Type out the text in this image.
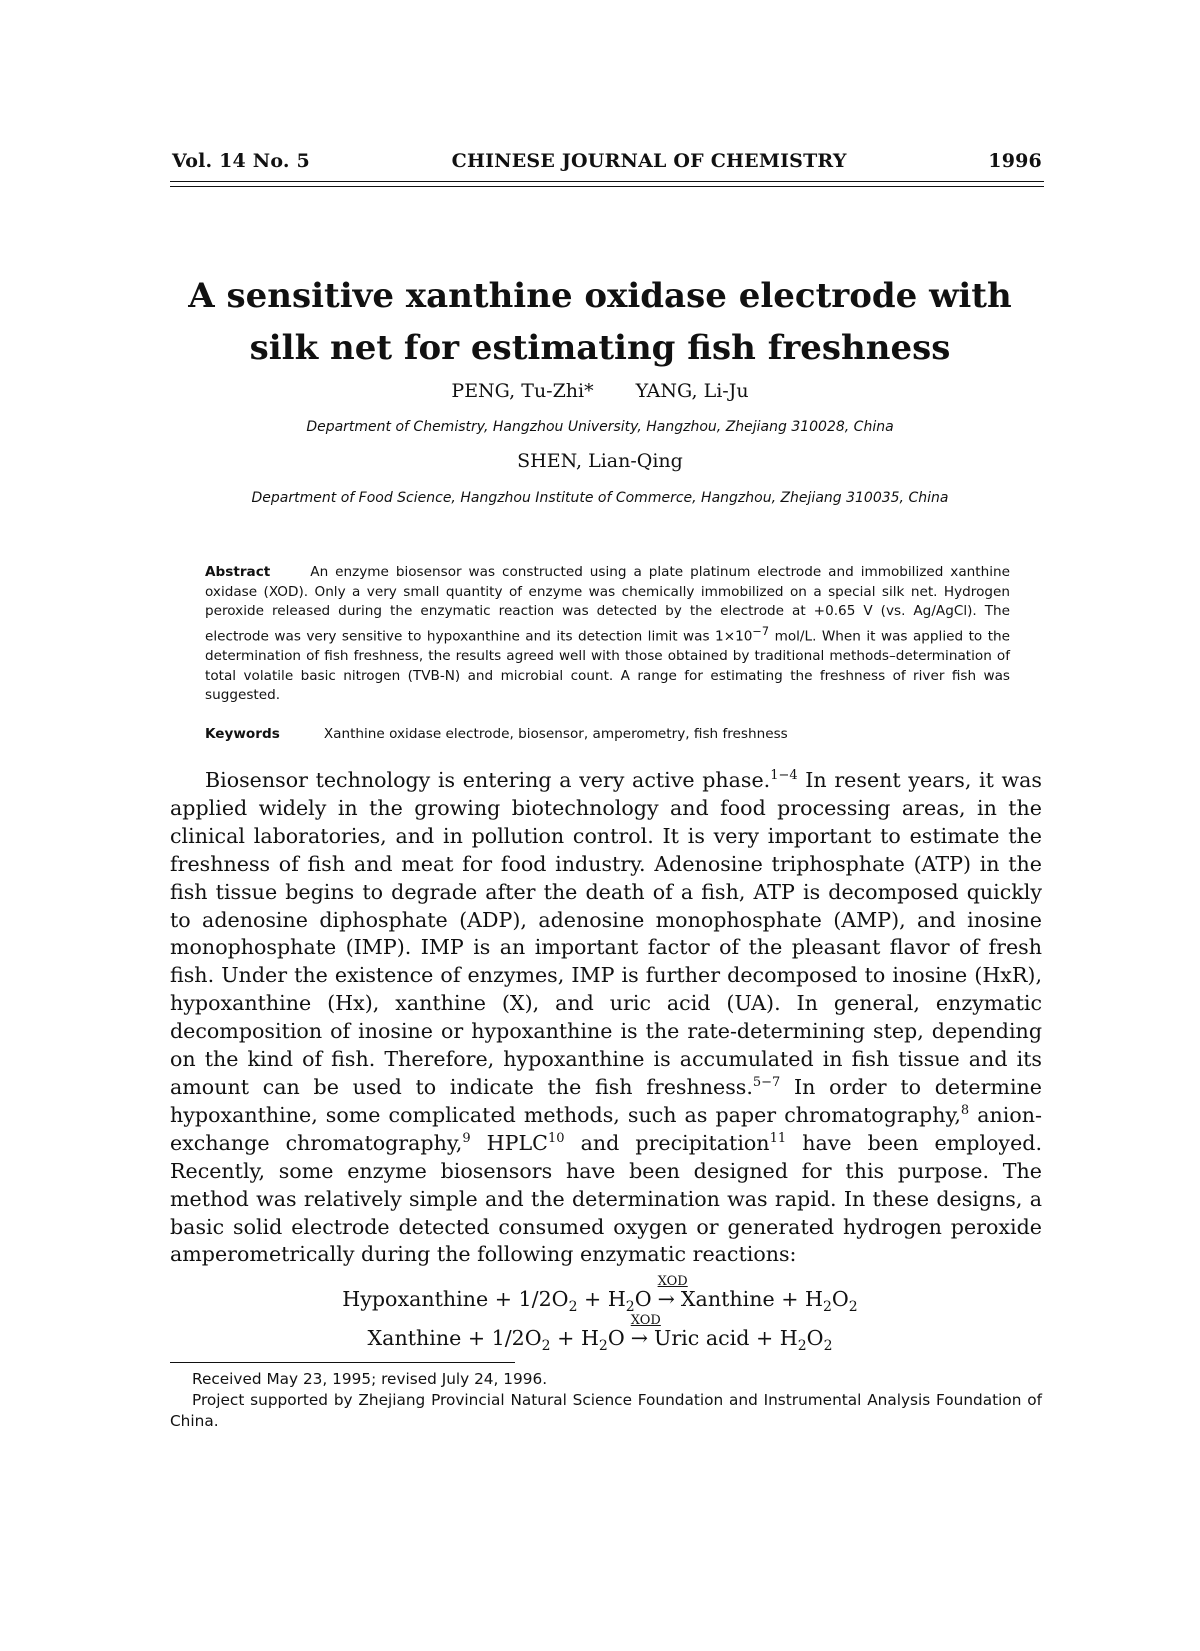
Vol. 14 No. 5	CHINESE JOURNAL OF CHEMISTRY	1996
A sensitive xanthine oxidase electrode with silk net for estimating fish freshness
PENG, Tu-Zhi* YANG, Li-Ju
Department of Chemistry, Hangzhou University, Hangzhou, Zhejiang 310028, China
SHEN, Lian-Qing
Department of Food Science, Hangzhou Institute of Commerce, Hangzhou, Zhejiang 310035, China

Abstract	An enzyme biosensor was constructed using a plate platinum electrode and immobilized xanthine oxidase (XOD). Only a very small quantity of enzyme was chemically immobilized on a special silk net. Hydrogen peroxide released during the enzymatic reaction was detected by the electrode at +0.65 V (vs. Ag/AgCl). The electrode was very sensitive to hypoxanthine and its detection limit was $1\times 10^{-7}$ mol/L. When it was applied to the determination of fish freshness, the results agreed well with those obtained by traditional methods–determination of total volatile basic nitrogen (TVB-N) and microbial count. A range for estimating the freshness of river fish was suggested.

Keywords	Xanthine oxidase electrode, biosensor, amperometry, fish freshness

Biosensor technology is entering a very active phase.$^{1-4}$ In resent years, it was applied widely in the growing biotechnology and food processing areas, in the clinical laboratories, and in pollution control. It is very important to estimate the freshness of fish and meat for food industry. Adenosine triphosphate (ATP) in the fish tissue begins to degrade after the death of a fish, ATP is decomposed quickly to adenosine diphosphate (ADP), adenosine monophosphate (AMP), and inosine monophosphate (IMP). IMP is an important factor of the pleasant flavor of fresh fish. Under the existence of enzymes, IMP is further decomposed to inosine (HxR), hypoxanthine (Hx), xanthine (X), and uric acid (UA). In general, enzymatic decomposition of inosine or hypoxanthine is the rate-determining step, depending on the kind of fish. Therefore, hypoxanthine is accumulated in fish tissue and its amount can be used to indicate the fish freshness.$^{5-7}$ In order to determine hypoxanthine, some complicated methods, such as paper chromatography,$^8$ anion-exchange chromatography,$^9$ HPLC$^{10}$ and precipitation$^{11}$ have been employed. Recently, some enzyme biosensors have been designed for this purpose. The method was relatively simple and the determination was rapid. In these designs, a basic solid electrode detected consumed oxygen or generated hydrogen peroxide amperometrically during the following enzymatic reactions:

Hypoxanthine + $1/2O_2 + H_2O$
XOD
→ Xanthine + $H_2O_2$
Xanthine + $1/2O_2 + H_2O$
XOD
→ Uric acid + $H_2O_2$

Received May 23, 1995; revised July 24, 1996.

Project supported by Zhejiang Provincial Natural Science Foundation and Instrumental Analysis Foundation of China.
